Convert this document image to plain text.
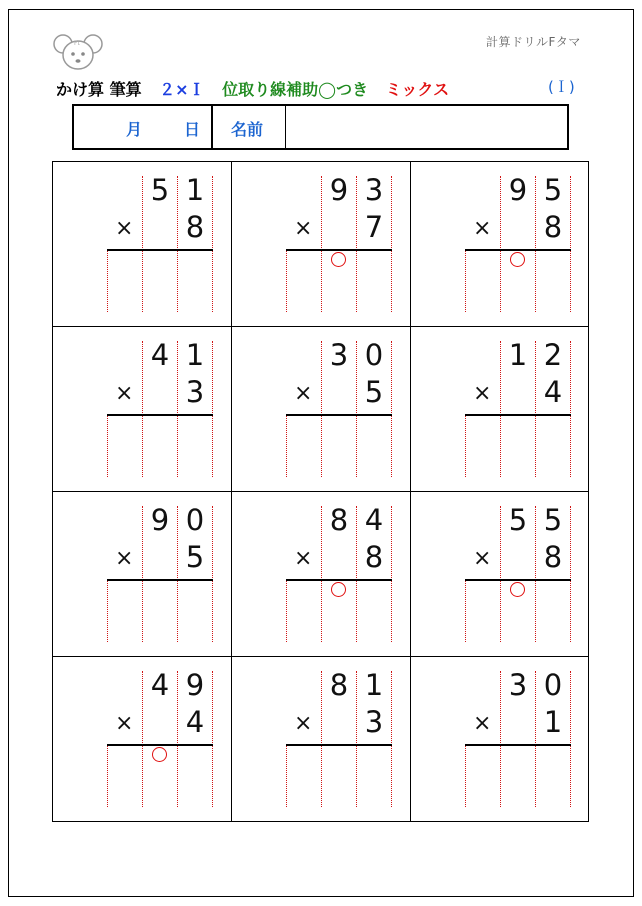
Ft	計算ドリルFタマ
かけ算 筆算 ２×Ｉ 位取り線補助◯つき ミックス	(Ｉ)
月	日 名前
5 1
8
×
9 3
7
×
9 5
8
×
4 1
3
×
3 0
5
×
1 2
4
×
9 0
5
×
8 4
8
×
5 5
8
×
4 9
4
×
8 1
3
×
3 0
1
×
